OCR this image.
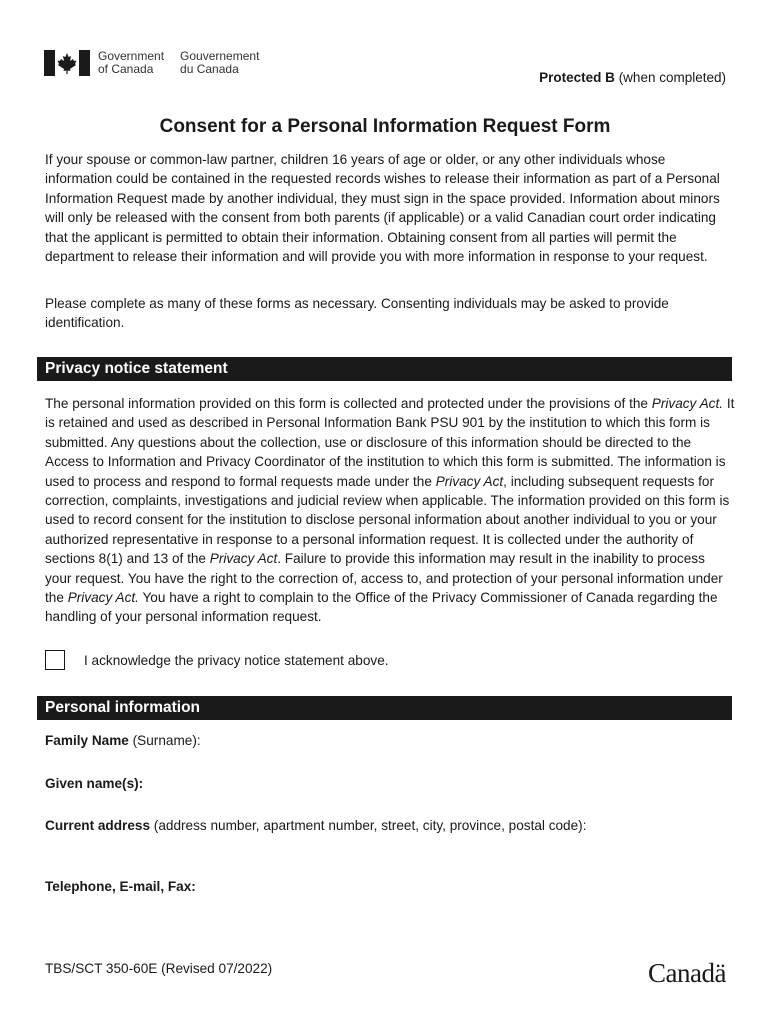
Government
of Canada
Gouvernement
du Canada
Protected B (when completed)
Consent for a Personal Information Request Form
If your spouse or common-law partner, children 16 years of age or older, or any other individuals whose information could be contained in the requested records wishes to release their information as part of a Personal Information Request made by another individual, they must sign in the space provided. Information about minors will only be released with the consent from both parents (if applicable) or a valid Canadian court order indicating that the applicant is permitted to obtain their information. Obtaining consent from all parties will permit the department to release their information and will provide you with more information in response to your request.
Please complete as many of these forms as necessary. Consenting individuals may be asked to provide identification.
Privacy notice statement
The personal information provided on this form is collected and protected under the provisions of the Privacy Act. It is retained and used as described in Personal Information Bank PSU 901 by the institution to which this form is submitted. Any questions about the collection, use or disclosure of this information should be directed to the Access to Information and Privacy Coordinator of the institution to which this form is submitted. The information is used to process and respond to formal requests made under the Privacy Act, including subsequent requests for correction, complaints, investigations and judicial review when applicable. The information provided on this form is used to record consent for the institution to disclose personal information about another individual to you or your authorized representative in response to a personal information request. It is collected under the authority of sections 8(1) and 13 of the Privacy Act. Failure to provide this information may result in the inability to process your request. You have the right to the correction of, access to, and protection of your personal information under the Privacy Act. You have a right to complain to the Office of the Privacy Commissioner of Canada regarding the handling of your personal information request.
I acknowledge the privacy notice statement above.
Personal information
Family Name (Surname):
Given name(s):
Current address (address number, apartment number, street, city, province, postal code):
Telephone, E-mail, Fax:
TBS/SCT 350-60E (Revised 07/2022)	Canadä
